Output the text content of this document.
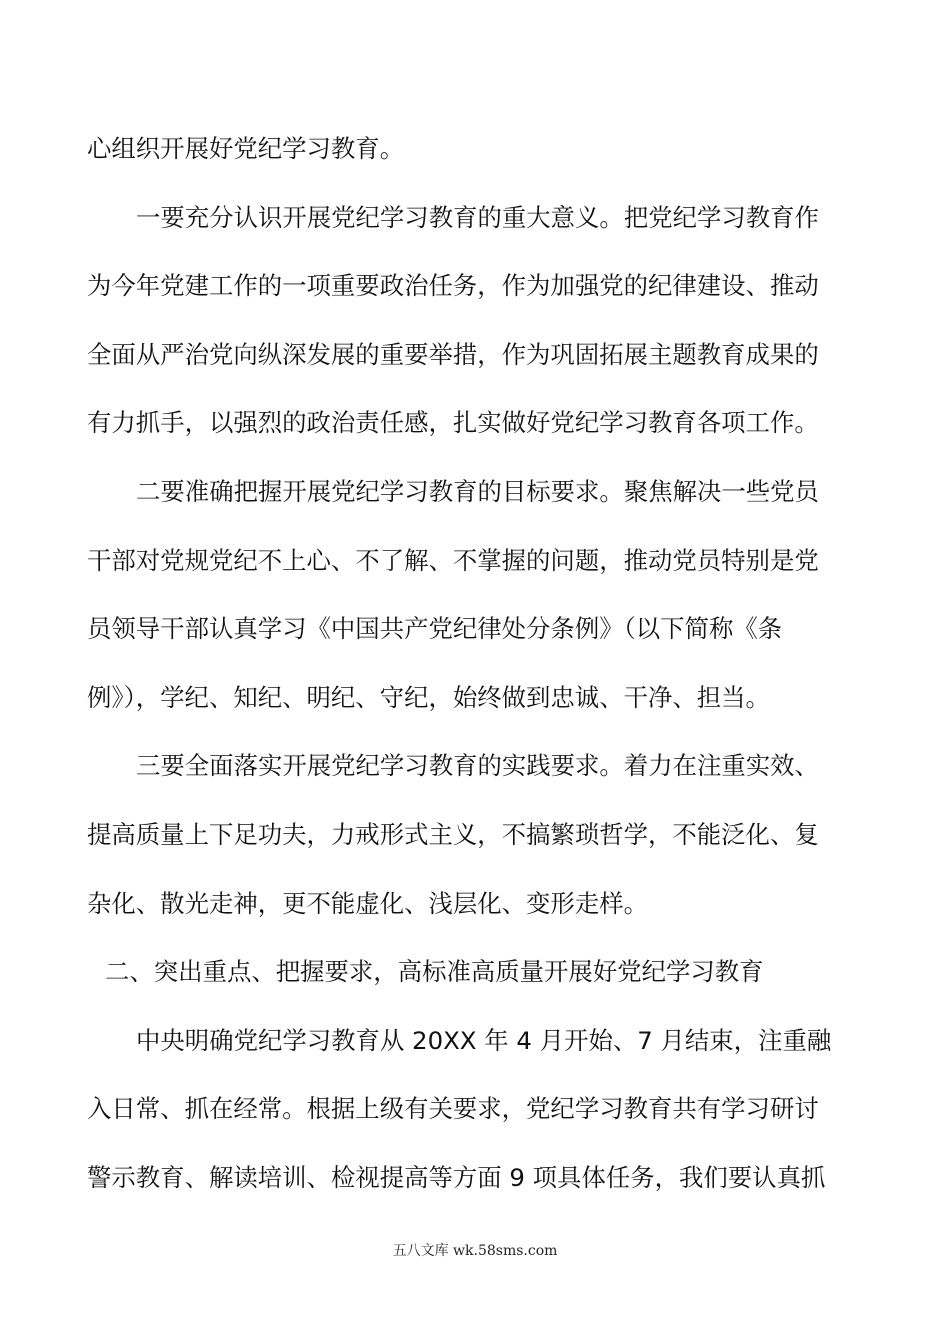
心组织开展好党纪学习教育。
一要充分认识开展党纪学习教育的重大意义。把党纪学习教育作
为今年党建工作的一项重要政治任务，作为加强党的纪律建设、推动
全面从严治党向纵深发展的重要举措，作为巩固拓展主题教育成果的
有力抓手，以强烈的政治责任感，扎实做好党纪学习教育各项工作。
二要准确把握开展党纪学习教育的目标要求。聚焦解决一些党员
干部对党规党纪不上心、不了解、不掌握的问题，推动党员特别是党
员领导干部认真学习《中国共产党纪律处分条例》（以下简称《条
例》），学纪、知纪、明纪、守纪，始终做到忠诚、干净、担当。
三要全面落实开展党纪学习教育的实践要求。着力在注重实效、
提高质量上下足功夫，力戒形式主义，不搞繁琐哲学，不能泛化、复
杂化、散光走神，更不能虚化、浅层化、变形走样。
二、突出重点、把握要求，高标准高质量开展好党纪学习教育
中央明确党纪学习教育从 20XX 年 4 月开始、7 月结束，注重融
入日常、抓在经常。根据上级有关要求，党纪学习教育共有学习研讨
警示教育、解读培训、检视提高等方面 9 项具体任务，我们要认真抓
五八文库 wk.58sms.com
